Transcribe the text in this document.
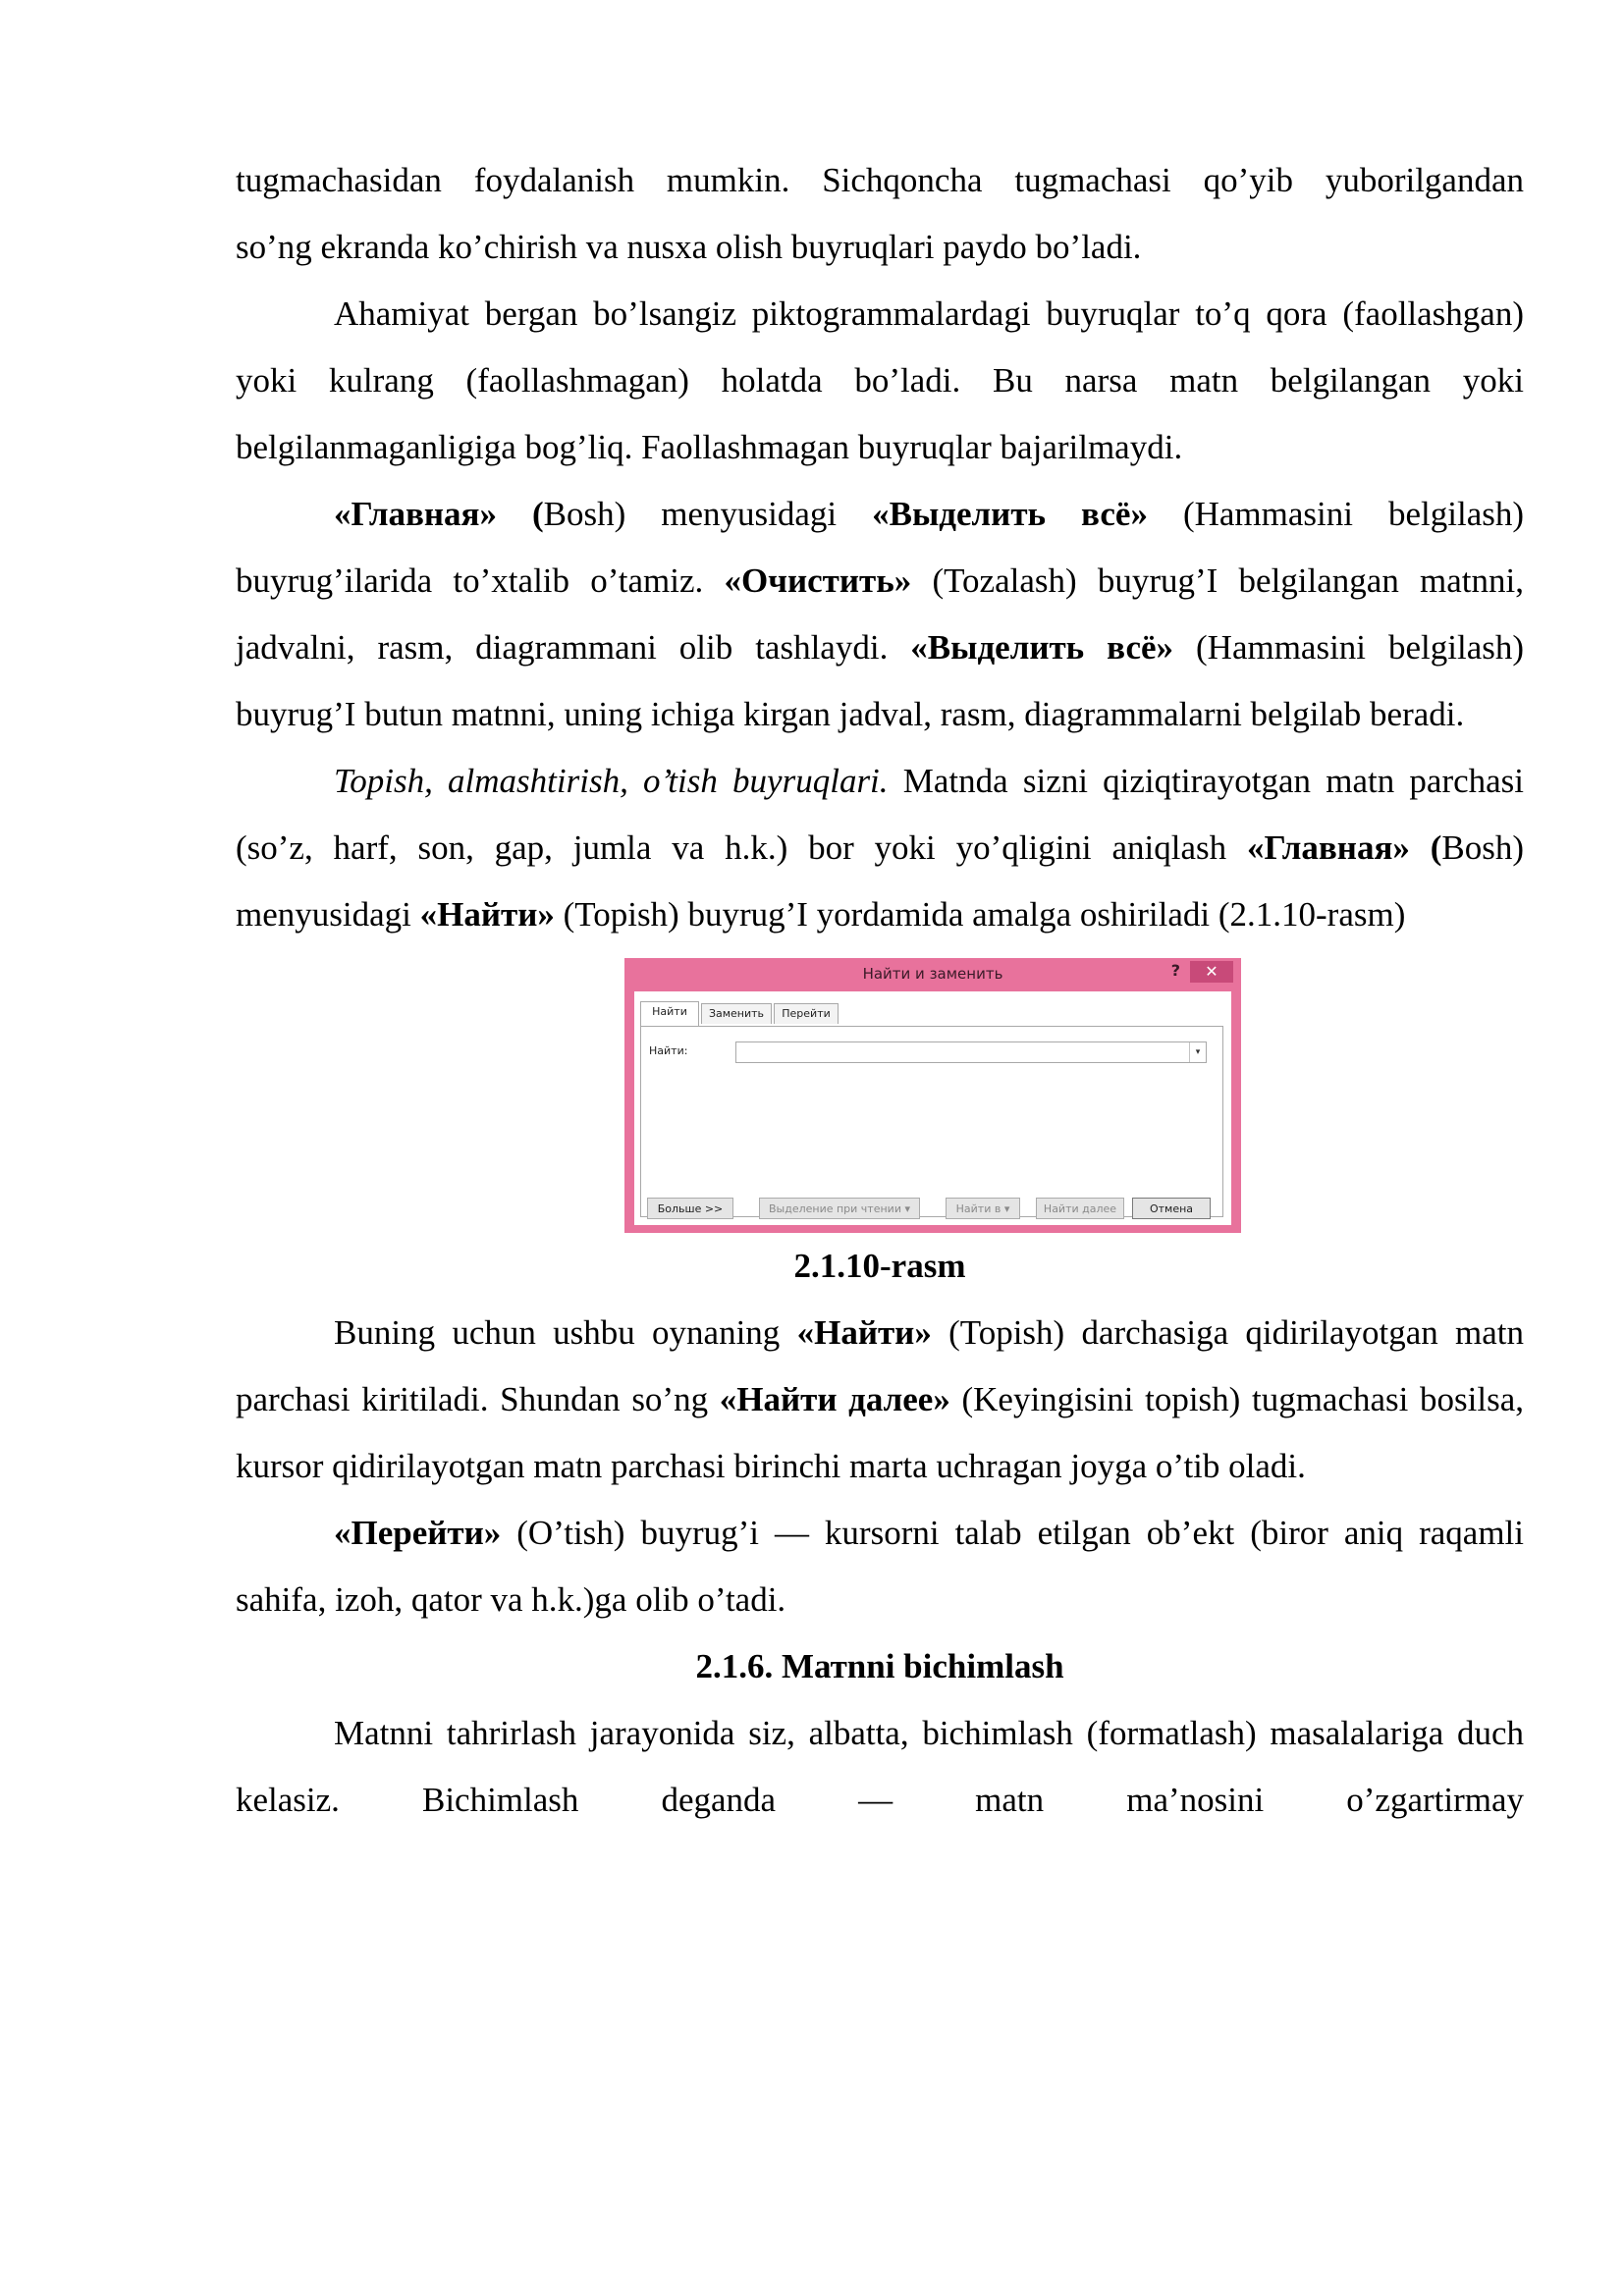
tugmachasidan foydalanish mumkin. Sichqoncha tugmachasi qo’yib yuborilgandan

so’ng ekranda ko’chirish va nusxa olish buyruqlari paydo bo’ladi.

Ahamiyat bergan bo’lsangiz piktogrammalardagi buyruqlar to’q qora (faollashgan) yoki kulrang (faollashmagan) holatda bo’ladi. Bu narsa matn belgilangan yoki belgilanmaganligiga bog’liq. Faollashmagan buyruqlar bajarilmaydi.

«Главная» (Bosh) menyusidagi «Выделить всё» (Hammasini belgilash) buyrug’ilarida to’xtalib o’tamiz. «Очистить» (Tozalash) buyrug’I belgilangan matnni, jadvalni, rasm, diagrammani olib tashlaydi. «Выделить всё» (Hammasini belgilash) buyrug’I butun matnni, uning ichiga kirgan jadval, rasm, diagrammalarni belgilab beradi.

Topish, almashtirish, o’tish buyruqlari. Matnda sizni qiziqtirayotgan matn parchasi (so’z, harf, son, gap, jumla va h.k.) bor yoki yo’qligini aniqlash «Главная» (Bosh) menyusidagi «Найти» (Topish) buyrug’I yordamida amalga oshiriladi (2.1.10-rasm)

Найти и заменить	?	✕
Найти	Заменить	Перейти
Найти:	▾
Больше >>	Выделение при чтении ▾	Найти в ▾	Найти далее	Отмена
2.1.10-rasm

Buning uchun ushbu oynaning «Найти» (Topish) darchasiga qidirilayotgan matn parchasi kiritiladi. Shundan so’ng «Найти далее» (Keyingisini topish) tugmachasi bosilsa, kursor qidirilayotgan matn parchasi birinchi marta uchragan joyga o’tib oladi.

«Перейти» (O’tish) buyrug’i — kursorni talab etilgan ob’ekt (biror aniq raqamli sahifa, izoh, qator va h.k.)ga olib o’tadi.

2.1.6. Mатnni bichimlash

Matnni tahrirlash jarayonida siz, albatta, bichimlash (formatlash) masalalariga duch kelasiz. Bichimlash deganda — matn ma’nosini o’zgartirmay
